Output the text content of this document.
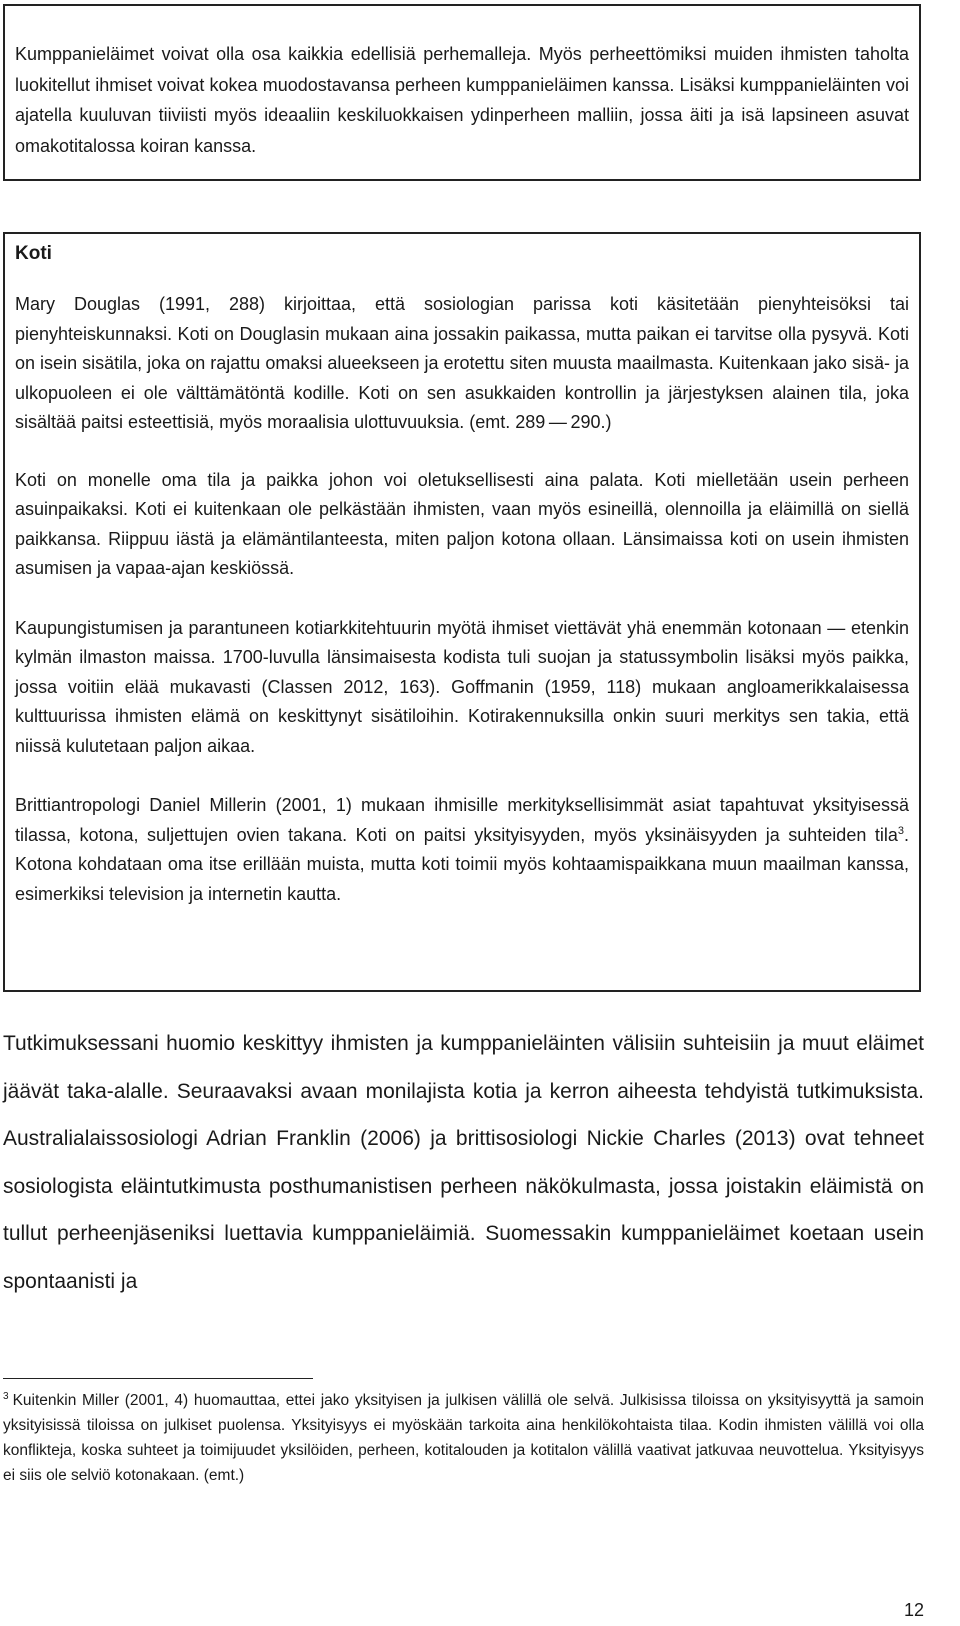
Kumppanieläimet voivat olla osa kaikkia edellisiä perhemalleja. Myös perheettömiksi muiden ihmisten taholta luokitellut ihmiset voivat kokea muodostavansa perheen kumppanieläimen kanssa. Lisäksi kumppanieläinten voi ajatella kuuluvan tiiviisti myös ideaaliin keskiluokkaisen ydinperheen malliin, jossa äiti ja isä lapsineen asuvat omakotitalossa koiran kanssa.

Koti

Mary Douglas (1991, 288) kirjoittaa, että sosiologian parissa koti käsitetään pienyhteisöksi tai pienyhteiskunnaksi. Koti on Douglasin mukaan aina jossakin paikassa, mutta paikan ei tarvitse olla pysyvä. Koti on isein sisätila, joka on rajattu omaksi alueekseen ja erotettu siten muusta maailmasta. Kuitenkaan jako sisä- ja ulkopuoleen ei ole välttämätöntä kodille. Koti on sen asukkaiden kontrollin ja järjestyksen alainen tila, joka sisältää paitsi esteettisiä, myös moraalisia ulottuvuuksia. (emt. 289 — 290.)

Koti on monelle oma tila ja paikka johon voi oletuksellisesti aina palata. Koti mielletään usein perheen asuinpaikaksi. Koti ei kuitenkaan ole pelkästään ihmisten, vaan myös esineillä, olennoilla ja eläimillä on siellä paikkansa. Riippuu iästä ja elämäntilanteesta, miten paljon kotona ollaan. Länsimaissa koti on usein ihmisten asumisen ja vapaa-ajan keskiössä.

Kaupungistumisen ja parantuneen kotiarkkitehtuurin myötä ihmiset viettävät yhä enemmän kotonaan — etenkin kylmän ilmaston maissa. 1700-luvulla länsimaisesta kodista tuli suojan ja statussymbolin lisäksi myös paikka, jossa voitiin elää mukavasti (Classen 2012, 163). Goffmanin (1959, 118) mukaan angloamerikkalaisessa kulttuurissa ihmisten elämä on keskittynyt sisätiloihin. Kotirakennuksilla onkin suuri merkitys sen takia, että niissä kulutetaan paljon aikaa.

Brittiantropologi Daniel Millerin (2001, 1) mukaan ihmisille merkityksellisimmät asiat tapahtuvat yksityisessä tilassa, kotona, suljettujen ovien takana. Koti on paitsi yksityisyyden, myös yksinäisyyden ja suhteiden tila$^3$. Kotona kohdataan oma itse erillään muista, mutta koti toimii myös kohtaamispaikkana muun maailman kanssa, esimerkiksi television ja internetin kautta.

Tutkimuksessani huomio keskittyy ihmisten ja kumppanieläinten välisiin suhteisiin ja muut eläimet jäävät taka-alalle. Seuraavaksi avaan monilajista kotia ja kerron aiheesta tehdyistä tutkimuksista. Australialaissosiologi Adrian Franklin (2006) ja brittisosiologi Nickie Charles (2013) ovat tehneet sosiologista eläintutkimusta posthumanistisen perheen näkökulmasta, jossa joistakin eläimistä on tullut perheenjäseniksi luettavia kumppanieläimiä. Suomessakin kumppanieläimet koetaan usein spontaanisti ja

$^3$ Kuitenkin Miller (2001, 4) huomauttaa, ettei jako yksityisen ja julkisen välillä ole selvä. Julkisissa tiloissa on yksityisyyttä ja samoin yksityisissä tiloissa on julkiset puolensa. Yksityisyys ei myöskään tarkoita aina henkilökohtaista tilaa. Kodin ihmisten välillä voi olla konflikteja, koska suhteet ja toimijuudet yksilöiden, perheen, kotitalouden ja kotitalon välillä vaativat jatkuvaa neuvottelua. Yksityisyys ei siis ole selviö kotonakaan. (emt.)

12
